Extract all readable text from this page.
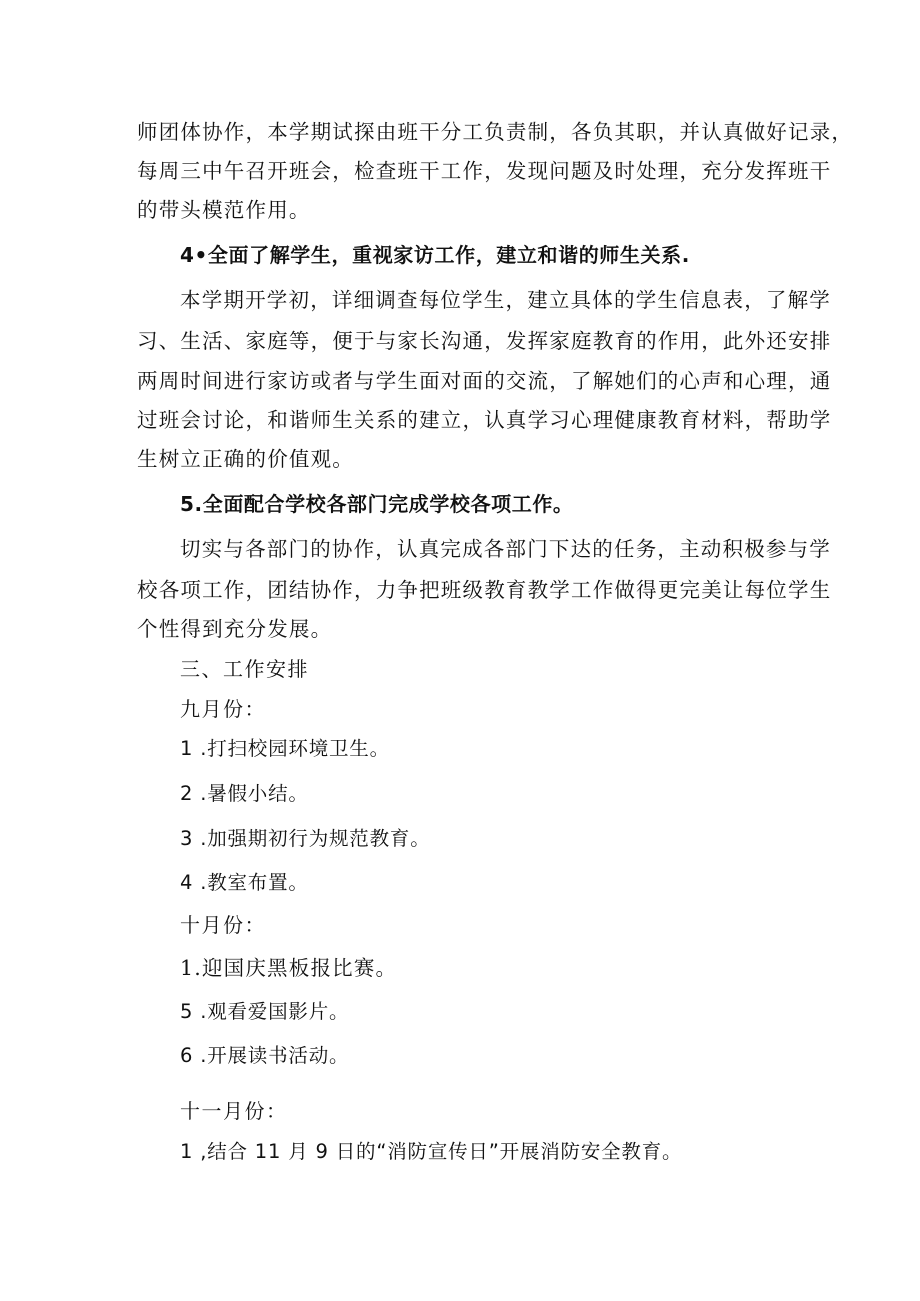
师团体协作，本学期试探由班干分工负责制，各负其职，并认真做好记录，
每周三中午召开班会，检查班干工作，发现问题及时处理，充分发挥班干
的带头模范作用。
4•全面了解学生，重视家访工作，建立和谐的师生关系.
本学期开学初，详细调查每位学生，建立具体的学生信息表，了解学
习、生活、家庭等，便于与家长沟通，发挥家庭教育的作用，此外还安排
两周时间进行家访或者与学生面对面的交流，了解她们的心声和心理，通
过班会讨论，和谐师生关系的建立，认真学习心理健康教育材料，帮助学
生树立正确的价值观。
5.全面配合学校各部门完成学校各项工作。
切实与各部门的协作，认真完成各部门下达的任务，主动积极参与学
校各项工作，团结协作，力争把班级教育教学工作做得更完美让每位学生
个性得到充分发展。
三、工作安排
九月份：
1 .打扫校园环境卫生。
2 .暑假小结。
3 .加强期初行为规范教育。
4 .教室布置。
十月份：
1.迎国庆黑板报比赛。
5 .观看爱国影片。
6 .开展读书活动。
十一月份：
1 ,结合 11 月 9 日的“消防宣传日”开展消防安全教育。
